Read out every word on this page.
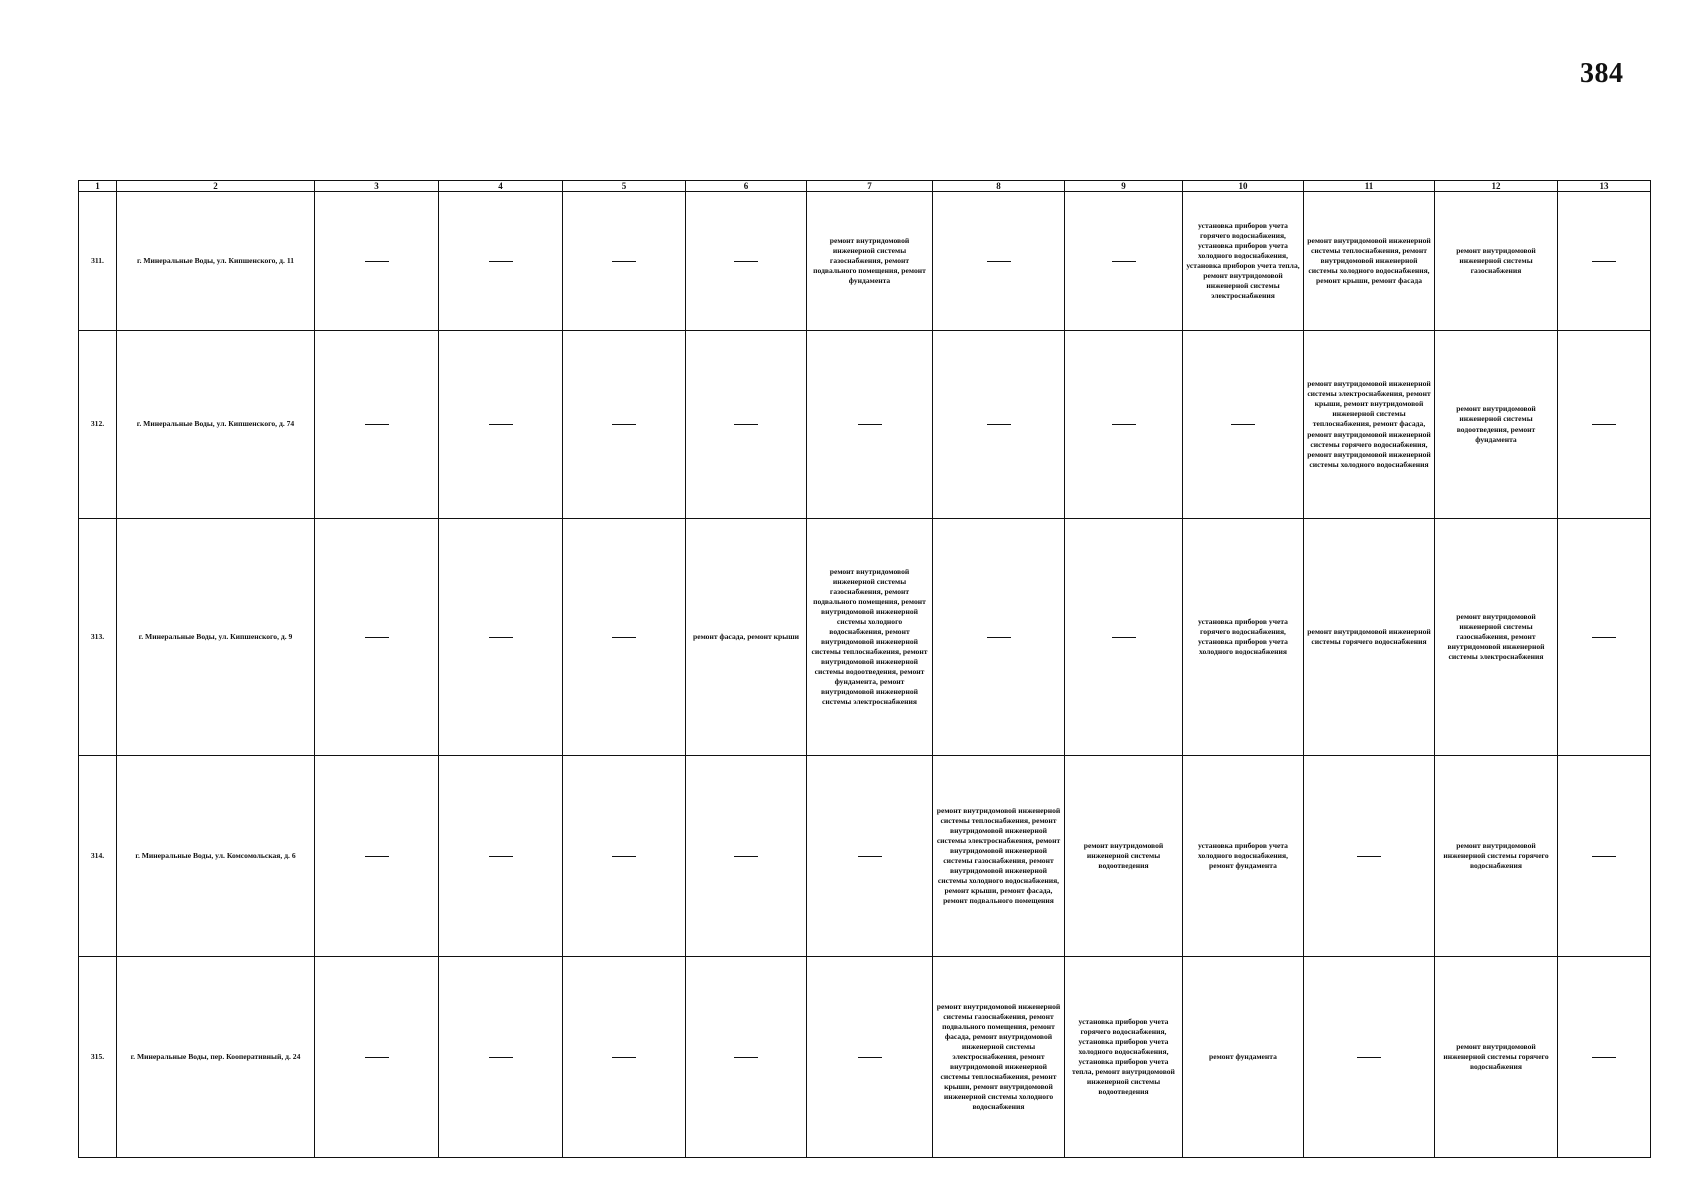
384
1	2	3	4	5	6	7	8	9	10	11	12	13
311.	г. Минеральные Воды, ул. Кипшенского, д. 11					ремонт внутридомовой инженерной системы газоснабжения, ремонт подвального помещения, ремонт фундамента			установка приборов учета горячего водоснабжения, установка приборов учета холодного водоснабжения, установка приборов учета тепла, ремонт внутридомовой инженерной системы электроснабжения	ремонт внутридомовой инженерной системы теплоснабжения, ремонт внутридомовой инженерной системы холодного водоснабжения, ремонт крыши, ремонт фасада	ремонт внутридомовой инженерной системы газоснабжения	
312.	г. Минеральные Воды, ул. Кипшенского, д. 74									ремонт внутридомовой инженерной системы электроснабжения, ремонт крыши, ремонт внутридомовой инженерной системы теплоснабжения, ремонт фасада, ремонт внутридомовой инженерной системы горячего водоснабжения, ремонт внутридомовой инженерной системы холодного водоснабжения	ремонт внутридомовой инженерной системы водоотведения, ремонт фундамента	
313.	г. Минеральные Воды, ул. Кипшенского, д. 9				ремонт фасада, ремонт крыши	ремонт внутридомовой инженерной системы газоснабжения, ремонт подвального помещения, ремонт внутридомовой инженерной системы холодного водоснабжения, ремонт внутридомовой инженерной системы теплоснабжения, ремонт внутридомовой инженерной системы водоотведения, ремонт фундамента, ремонт внутридомовой инженерной системы электроснабжения			установка приборов учета горячего водоснабжения, установка приборов учета холодного водоснабжения	ремонт внутридомовой инженерной системы горячего водоснабжения	ремонт внутридомовой инженерной системы газоснабжения, ремонт внутридомовой инженерной системы электроснабжения	
314.	г. Минеральные Воды, ул. Комсомольская, д. 6						ремонт внутридомовой инженерной системы теплоснабжения, ремонт внутридомовой инженерной системы электроснабжения, ремонт внутридомовой инженерной системы газоснабжения, ремонт внутридомовой инженерной системы холодного водоснабжения, ремонт крыши, ремонт фасада, ремонт подвального помещения	ремонт внутридомовой инженерной системы водоотведения	установка приборов учета холодного водоснабжения, ремонт фундамента		ремонт внутридомовой инженерной системы горячего водоснабжения	
315.	г. Минеральные Воды, пер. Кооперативный, д. 24						ремонт внутридомовой инженерной системы газоснабжения, ремонт подвального помещения, ремонт фасада, ремонт внутридомовой инженерной системы электроснабжения, ремонт внутридомовой инженерной системы теплоснабжения, ремонт крыши, ремонт внутридомовой инженерной системы холодного водоснабжения	установка приборов учета горячего водоснабжения, установка приборов учета холодного водоснабжения, установка приборов учета тепла, ремонт внутридомовой инженерной системы водоотведения	ремонт фундамента		ремонт внутридомовой инженерной системы горячего водоснабжения	
